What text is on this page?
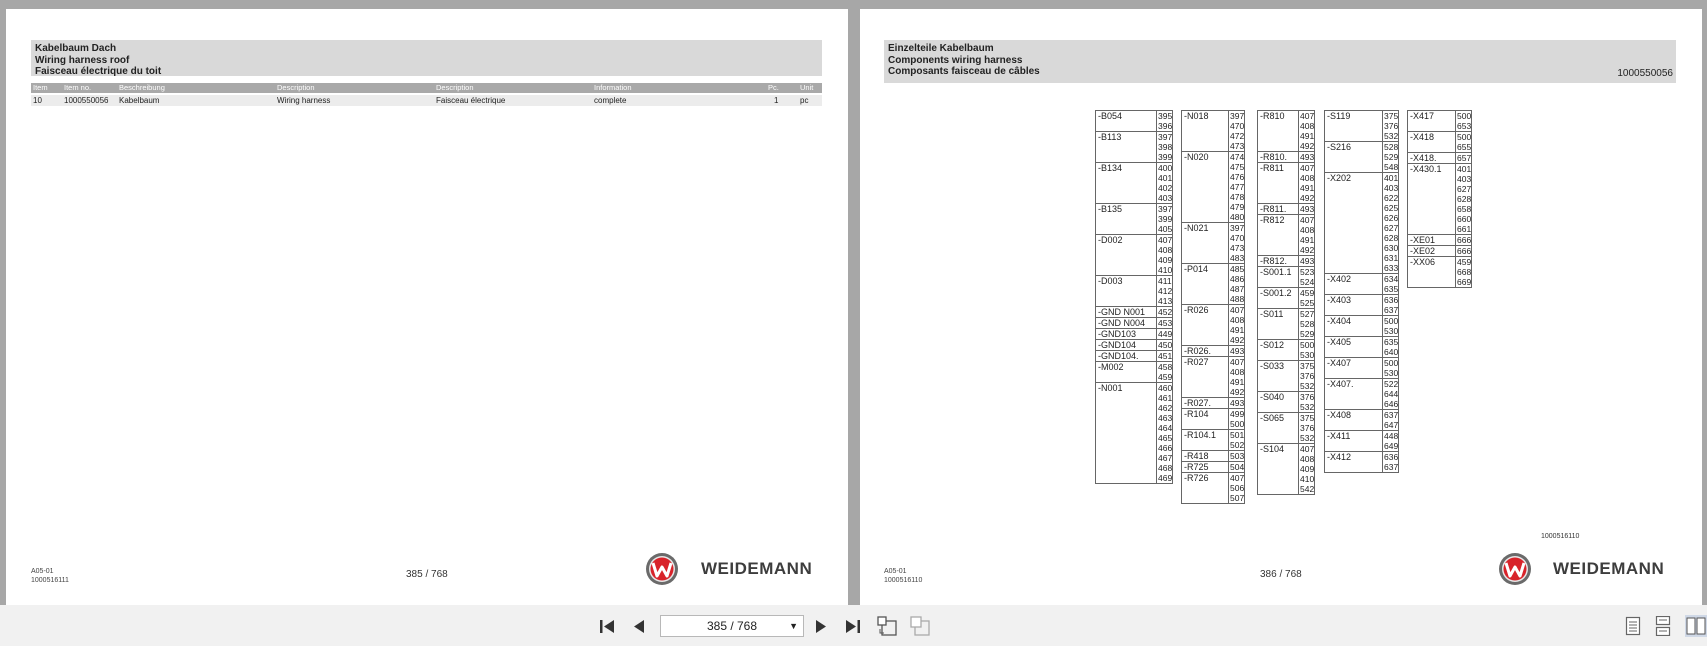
Kabelbaum Dach
Wiring harness roof
Faisceau électrique du toit
Item Item no.	Beschreibung	Description	Description	Information	Pc.	Unit
10	1000550056 Kabelbaum	Wiring harness	Faisceau électrique	complete	1	pc
A05-01
1000516111	385 / 768	WEIDEMANN
Einzelteile Kabelbaum
Components wiring harness
Composants faisceau de câbles	1000550056
-B054	395
396
-B113	397
398
399
-B134	400
401
402
403
-B135	397
399
405
-D002	407
408
409
410
-D003	411
412
413
-GND N001 452
-GND N004 453
-GND103	449
-GND104	450
-GND104. 451
-M002	458
459
-N001	460
461
462
463
464
465
466
467
468
469
-N018	397
470
472
473
-N020	474
475
476
477
478
479
480
-N021	397
470
473
483
-P014	485
486
487
488
-R026	407
408
491
492
-R026. 493
-R027	407
408
491
492
-R027. 493
-R104	499
500
-R104.1 501
502
-R418	503
-R725	504
-R726	407
506
507
-R810 407
408
491
492
-R810. 493
-R811 407
408
491
492
-R811. 493
-R812 407
408
491
492
-R812. 493
-S001.1 523
524
-S001.2 459
525
-S011 527
528
529
-S012 500
530
-S033 375
376
532
-S040 376
532
-S065 375
376
532
-S104 407
408
409
410
542
-S119	375
376
532
-S216	528
529
548
-X202	401
403
622
625
626
627
628
630
631
633
-X402	634
635
-X403	636
637
-X404	500
530
-X405	635
640
-X407	500
530
-X407.	522
644
646
-X408	637
647
-X411	448
649
-X412	636
637
-X417	500
653
-X418	500
655
-X418. 657
-X430.1 401
403
627
628
658
660
661
-XE01	666
-XE02	666
-XX06	459
668
669
1000516110
A05-01
1000516110	386 / 768	WEIDEMANN
385 / 768	▼
